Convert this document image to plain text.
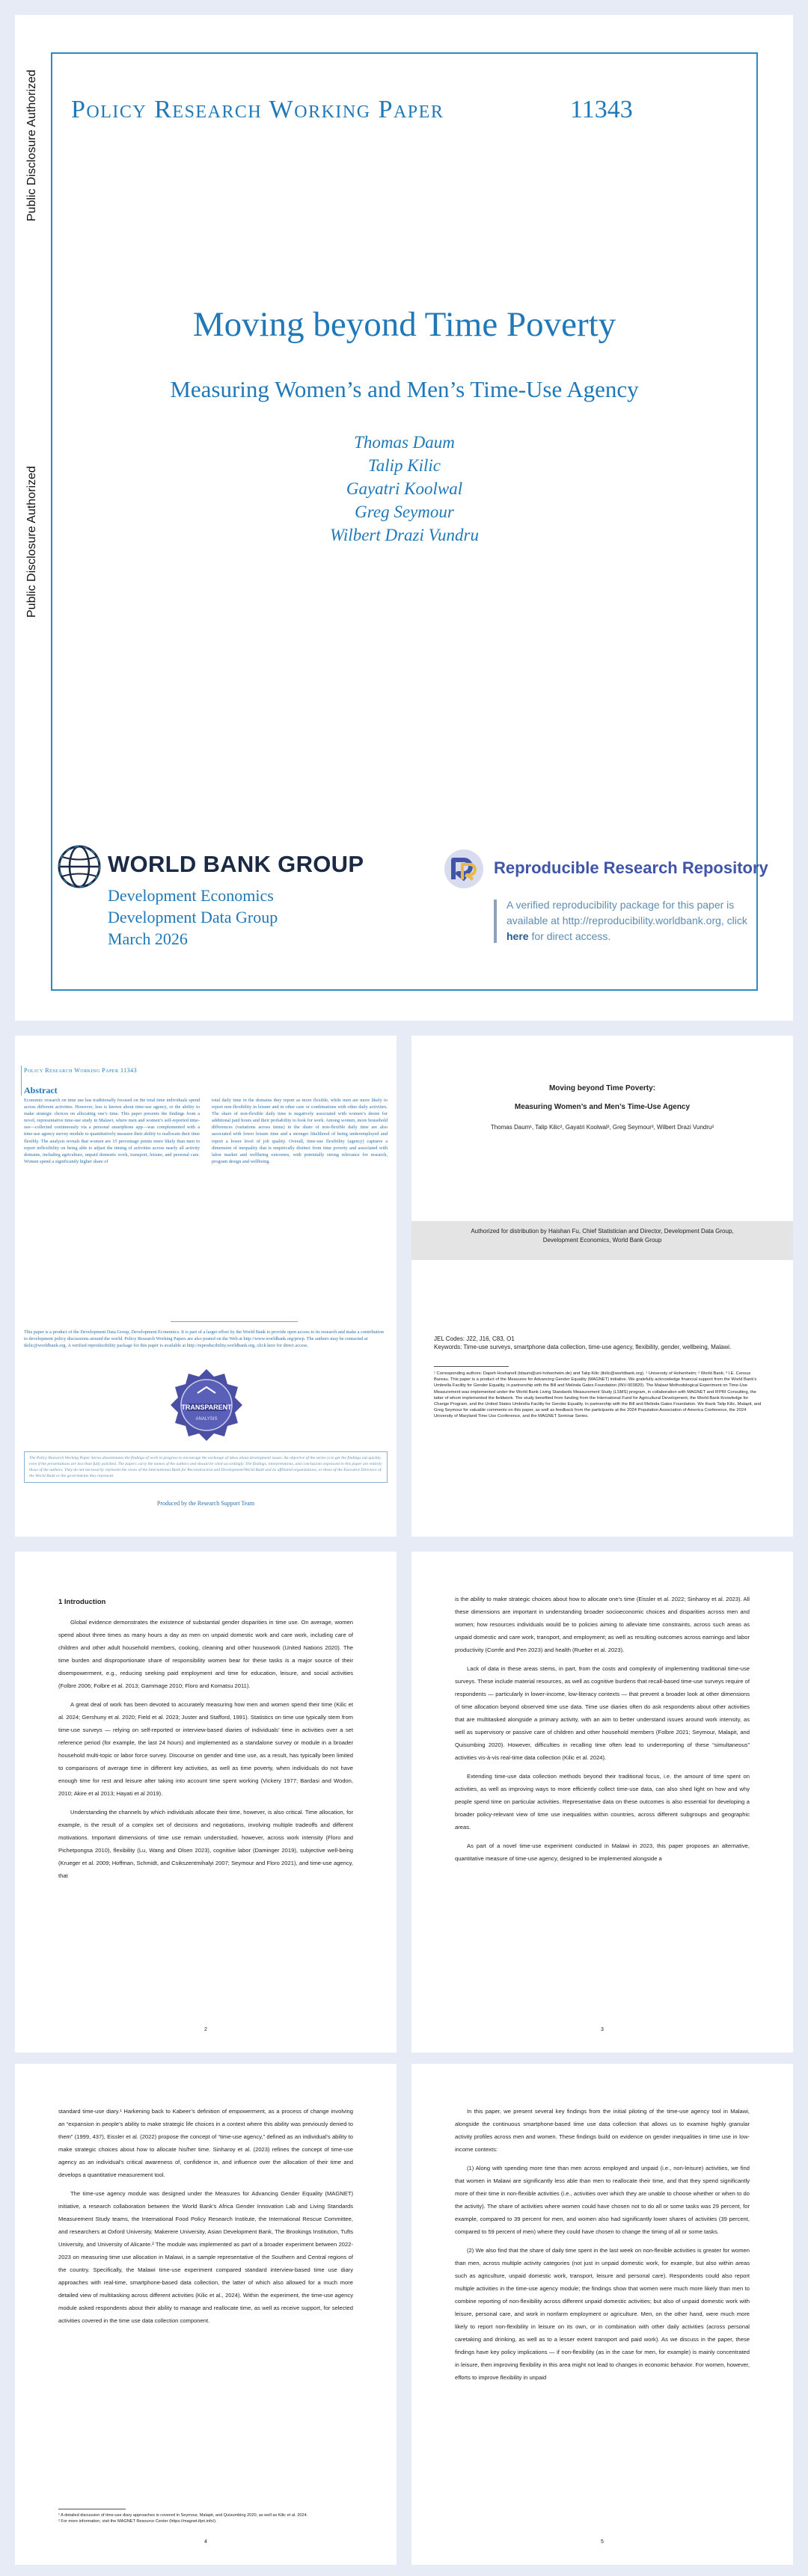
Public Disclosure Authorized
Public Disclosure Authorized
Policy Research Working Paper	11343
Moving beyond Time Poverty
Measuring Women’s and Men’s Time-Use Agency
Thomas Daum
Talip Kilic
Gayatri Koolwal
Greg Seymour
Wilbert Drazi Vundru
WORLD BANK GROUP
Development Economics
Development Data Group
March 2026
Reproducible Research Repository
A verified reproducibility package for this paper is available at http://reproducibility.worldbank.org, click here for direct access.
Policy Research Working Paper 11343
Abstract
Economic research on time use has traditionally focused on the total time individuals spend across different activities. However, less is known about time-use agency, or the ability to make strategic choices on allocating one’s time. This paper presents the findings from a novel, representative time-use study in Malawi, where men and women’s self-reported time-use—collected continuously via a personal smartphone app—was complemented with a time-use agency survey module to quantitatively measure their ability to reallocate their time flexibly. The analysis reveals that women are 15 percentage points more likely than men to report inflexibility on being able to adjust the timing of activities across nearly all activity domains, including agriculture, unpaid domestic work, transport, leisure, and personal care. Women spend a significantly higher share of
total daily time in the domains they report as more flexible, while men are more likely to report non-flexibility in leisure and in other care or combinations with other daily activities. The share of non-flexible daily time is negatively associated with women’s desire for additional paid hours and their probability to look for work. Among women, more household differences (variations across items) in the share of non-flexible daily time are also associated with lower leisure time and a stronger likelihood of being underemployed and report a lower level of job quality. Overall, time-use flexibility (agency) captures a dimension of inequality that is empirically distinct from time poverty and associated with labor market and wellbeing outcomes, with potentially strong relevance for research, program design and wellbeing.
This paper is a product of the Development Data Group, Development Economics. It is part of a larger effort by the World Bank to provide open access to its research and make a contribution to development policy discussions around the world. Policy Research Working Papers are also posted on the Web at http://www.worldbank.org/prwp. The authors may be contacted at tkilic@worldbank.org. A verified reproducibility package for this paper is available at http://reproducibility.worldbank.org, click here for direct access.
TRANSPARENT
ANALYSIS
The Policy Research Working Paper Series disseminates the findings of work in progress to encourage the exchange of ideas about development issues. An objective of the series is to get the findings out quickly, even if the presentations are less than fully polished. The papers carry the names of the authors and should be cited accordingly. The findings, interpretations, and conclusions expressed in this paper are entirely those of the authors. They do not necessarily represent the views of the International Bank for Reconstruction and Development/World Bank and its affiliated organizations, or those of the Executive Directors of the World Bank or the governments they represent.
Produced by the Research Support Team
Moving beyond Time Poverty:
Measuring Women’s and Men’s Time-Use Agency
Thomas Daum¹, Talip Kilic², Gayatri Koolwal², Greg Seymour³, Wilbert Drazi Vundru²
Authorized for distribution by Haishan Fu, Chief Statistician and Director, Development Data Group,
Development Economics, World Bank Group
JEL Codes: J22, J16, C83, O1
Keywords: Time-use surveys, smartphone data collection, time-use agency, flexibility, gender, wellbeing, Malawi.
¹ Corresponding authors: Dapeh Hoshanell (tdaum@uni-hohenheim.de) and Talip Kilic (tkilic@worldbank.org). ¹ University of Hohenheim; ² World Bank; ³ I.E. Census Bureau. This paper is a product of the Measures for Advancing Gender Equality (MAGNET) initiative. We gratefully acknowledge financial support from the World Bank’s Umbrella Facility for Gender Equality, in partnership with the Bill and Melinda Gates Foundation (INV-003820). The Malawi Methodological Experiment on Time-Use Measurement was implemented under the World Bank Living Standards Measurement Study (LSMS) program, in collaboration with MAGNET and IFPRI Consulting, the latter of whom implemented the fieldwork. The study benefited from funding from the International Fund for Agricultural Development, the World Bank Knowledge for Change Program, and the United States Umbrella Facility for Gender Equality. In partnership with the Bill and Melinda Gates Foundation. We thank Talip Kilic, Malapit, and Greg Seymour for valuable comments on this paper, as well as feedback from the participants at the 2024 Population Association of America Conference, the 2024 University of Maryland Time Use Conference, and the MAGNET Seminar Series.
1 Introduction

Global evidence demonstrates the existence of substantial gender disparities in time use. On average, women spend about three times as many hours a day as men on unpaid domestic work and care work, including care of children and other adult household members, cooking, cleaning and other housework (United Nations 2020). The time burden and disproportionate share of responsibility women bear for these tasks is a major source of their disempowerment, e.g., reducing seeking paid employment and time for education, leisure, and social activities (Folbre 2006; Folbre et al. 2013; Gammage 2010; Floro and Komatsu 2011).

A great deal of work has been devoted to accurately measuring how men and women spend their time (Kilic et al. 2024; Gershuny et al. 2020; Field et al. 2023; Juster and Stafford, 1991). Statistics on time use typically stem from time-use surveys — relying on self-reported or interview-based diaries of individuals’ time in activities over a set reference period (for example, the last 24 hours) and implemented as a standalone survey or module in a broader household multi-topic or labor force survey. Discourse on gender and time use, as a result, has typically been limited to comparisons of average time in different key activities, as well as time poverty, when individuals do not have enough time for rest and leisure after taking into account time spent working (Vickery 1977; Bardasi and Wodon, 2010; Akire et al 2013; Hayati et al 2019).

Understanding the channels by which individuals allocate their time, however, is also critical. Time allocation, for example, is the result of a complex set of decisions and negotiations, involving multiple tradeoffs and different motivations. Important dimensions of time use remain understudied, however, across work intensity (Floro and Pichetpongsa 2010), flexibility (Lu, Wang and Olsen 2023), cognitive labor (Daminger 2019), subjective well-being (Krueger et al. 2009; Hoffman, Schmidt, and Csikszentmihalyi 2007; Seymour and Floro 2021), and time-use agency, that

2

is the ability to make strategic choices about how to allocate one’s time (Eissler et al. 2022; Sinharoy et al. 2023). All these dimensions are important in understanding broader socioeconomic choices and disparities across men and women; how resources individuals would be to policies aiming to alleviate time constraints, across such areas as unpaid domestic and care work, transport, and employment; as well as resulting outcomes across earnings and labor productivity (Comfe and Pen 2023) and health (Ruelter et al. 2023).

Lack of data in these areas stems, in part, from the costs and complexity of implementing traditional time-use surveys. These include material resources, as well as cognitive burdens that recall-based time-use surveys require of respondents — particularly in lower-income, low-literacy contexts — that prevent a broader look at other dimensions of time allocation beyond observed time use data. Time use diaries often do ask respondents about other activities that are multitasked alongside a primary activity, with an aim to better understand issues around work intensity, as well as supervisory or passive care of children and other household members (Folbre 2021; Seymour, Malapit, and Quisumbing 2020). However, difficulties in recalling time often lead to underreporting of these “simultaneous” activities vis-à-vis real-time data collection (Kilic et al. 2024).

Extending time-use data collection methods beyond their traditional focus, i.e. the amount of time spent on activities, as well as improving ways to more efficiently collect time-use data, can also shed light on how and why people spend time on particular activities. Representative data on these outcomes is also essential for developing a broader policy-relevant view of time use inequalities within countries, across different subgroups and geographic areas.

As part of a novel time-use experiment conducted in Malawi in 2023, this paper proposes an alternative, quantitative measure of time-use agency, designed to be implemented alongside a

3

standard time-use diary.¹ Harkening back to Kabeer’s definition of empowerment, as a process of change involving an “expansion in people’s ability to make strategic life choices in a context where this ability was previously denied to them” (1999, 437), Eissler et al. (2022) propose the concept of “time-use agency,” defined as an individual’s ability to make strategic choices about how to allocate his/her time. Sinharoy et al. (2023) refines the concept of time-use agency as an individual’s critical awareness of, confidence in, and influence over the allocation of their time and develops a quantitative measurement tool.

The time-use agency module was designed under the Measures for Advancing Gender Equality (MAGNET) initiative, a research collaboration between the World Bank’s Africa Gender Innovation Lab and Living Standards Measurement Study teams, the International Food Policy Research Institute, the International Rescue Committee, and researchers at Oxford University, Makerere University, Asian Development Bank, The Brookings Institution, Tufts University, and University of Alicante.² The module was implemented as part of a broader experiment between 2022-2023 on measuring time use allocation in Malawi, in a sample representative of the Southern and Central regions of the country. Specifically, the Malawi time-use experiment compared standard interview-based time use diary approaches with real-time, smartphone-based data collection, the latter of which also allowed for a much more detailed view of multitasking across different activities (Kilic et al., 2024). Within the experiment, the time-use agency module asked respondents about their ability to manage and reallocate time, as well as receive support, for selected activities covered in the time use data collection component.

¹ A detailed discussion of time-use diary approaches is covered in Seymour, Malapit, and Quisumbing 2020, as well as Kilic et al. 2024.
² For more information, visit the MAGNET Resource Center (https://magnet.ifpri.info/).
4

In this paper, we present several key findings from the initial piloting of the time-use agency tool in Malawi, alongside the continuous smartphone-based time use data collection that allows us to examine highly granular activity profiles across men and women. These findings build on evidence on gender inequalities in time use in low-income contexts:

(1) Along with spending more time than men across employed and unpaid (i.e., non-leisure) activities, we find that women in Malawi are significantly less able than men to reallocate their time, and that they spend significantly more of their time in non-flexible activities (i.e., activities over which they are unable to choose whether or when to do the activity). The share of activities where women could have chosen not to do all or some tasks was 29 percent, for example, compared to 39 percent for men, and women also had significantly lower shares of activities (39 percent, compared to 59 percent of men) where they could have chosen to change the timing of all or some tasks.

(2) We also find that the share of daily time spent in the last week on non-flexible activities is greater for women than men, across multiple activity categories (not just in unpaid domestic work, for example, but also within areas such as agriculture, unpaid domestic work, transport, leisure and personal care). Respondents could also report multiple activities in the time-use agency module; the findings show that women were much more likely than men to combine reporting of non-flexibility across different unpaid domestic activities; but also of unpaid domestic work with leisure, personal care, and work in nonfarm employment or agriculture. Men, on the other hand, were much more likely to report non-flexibility in leisure on its own, or in combination with other daily activities (across personal caretaking and drinking, as well as to a lesser extent transport and paid work). As we discuss in the paper, these findings have key policy implications — if non-flexibility (as in the case for men, for example) is mainly concentrated in leisure, then improving flexibility in this area might not lead to changes in economic behavior. For women, however, efforts to improve flexibility in unpaid

5
